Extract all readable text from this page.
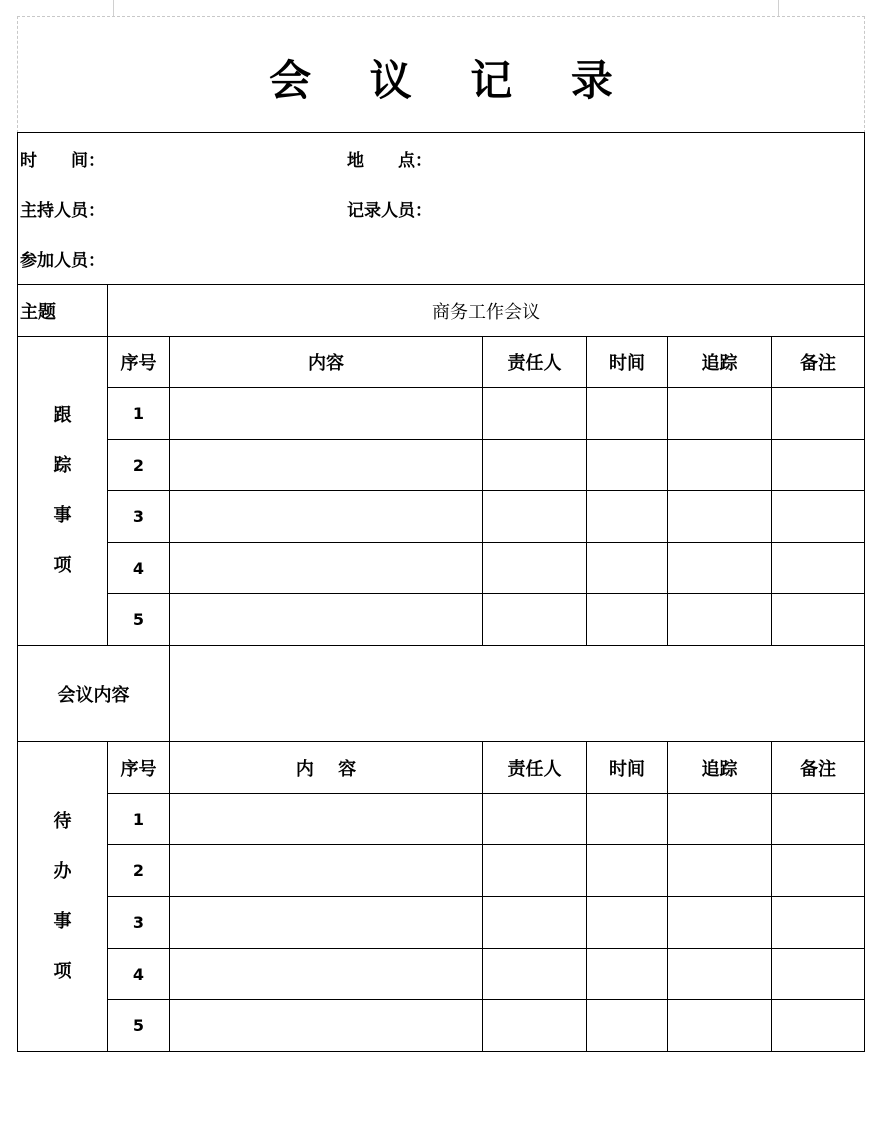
会 议 记 录
时　　间： 地　　点：
主持人员： 记录人员：
参加人员：						

主题	商务工作会议					

跟
踪
事
项	序号	内容	责任人	时间	追踪	备注
	1					
	2					
	3					
	4					
	5					
会议内容						

待
办
事
项	序号	内　 容	责任人	时间	追踪	备注
	1					
	2					
	3					
	4					
	5					
